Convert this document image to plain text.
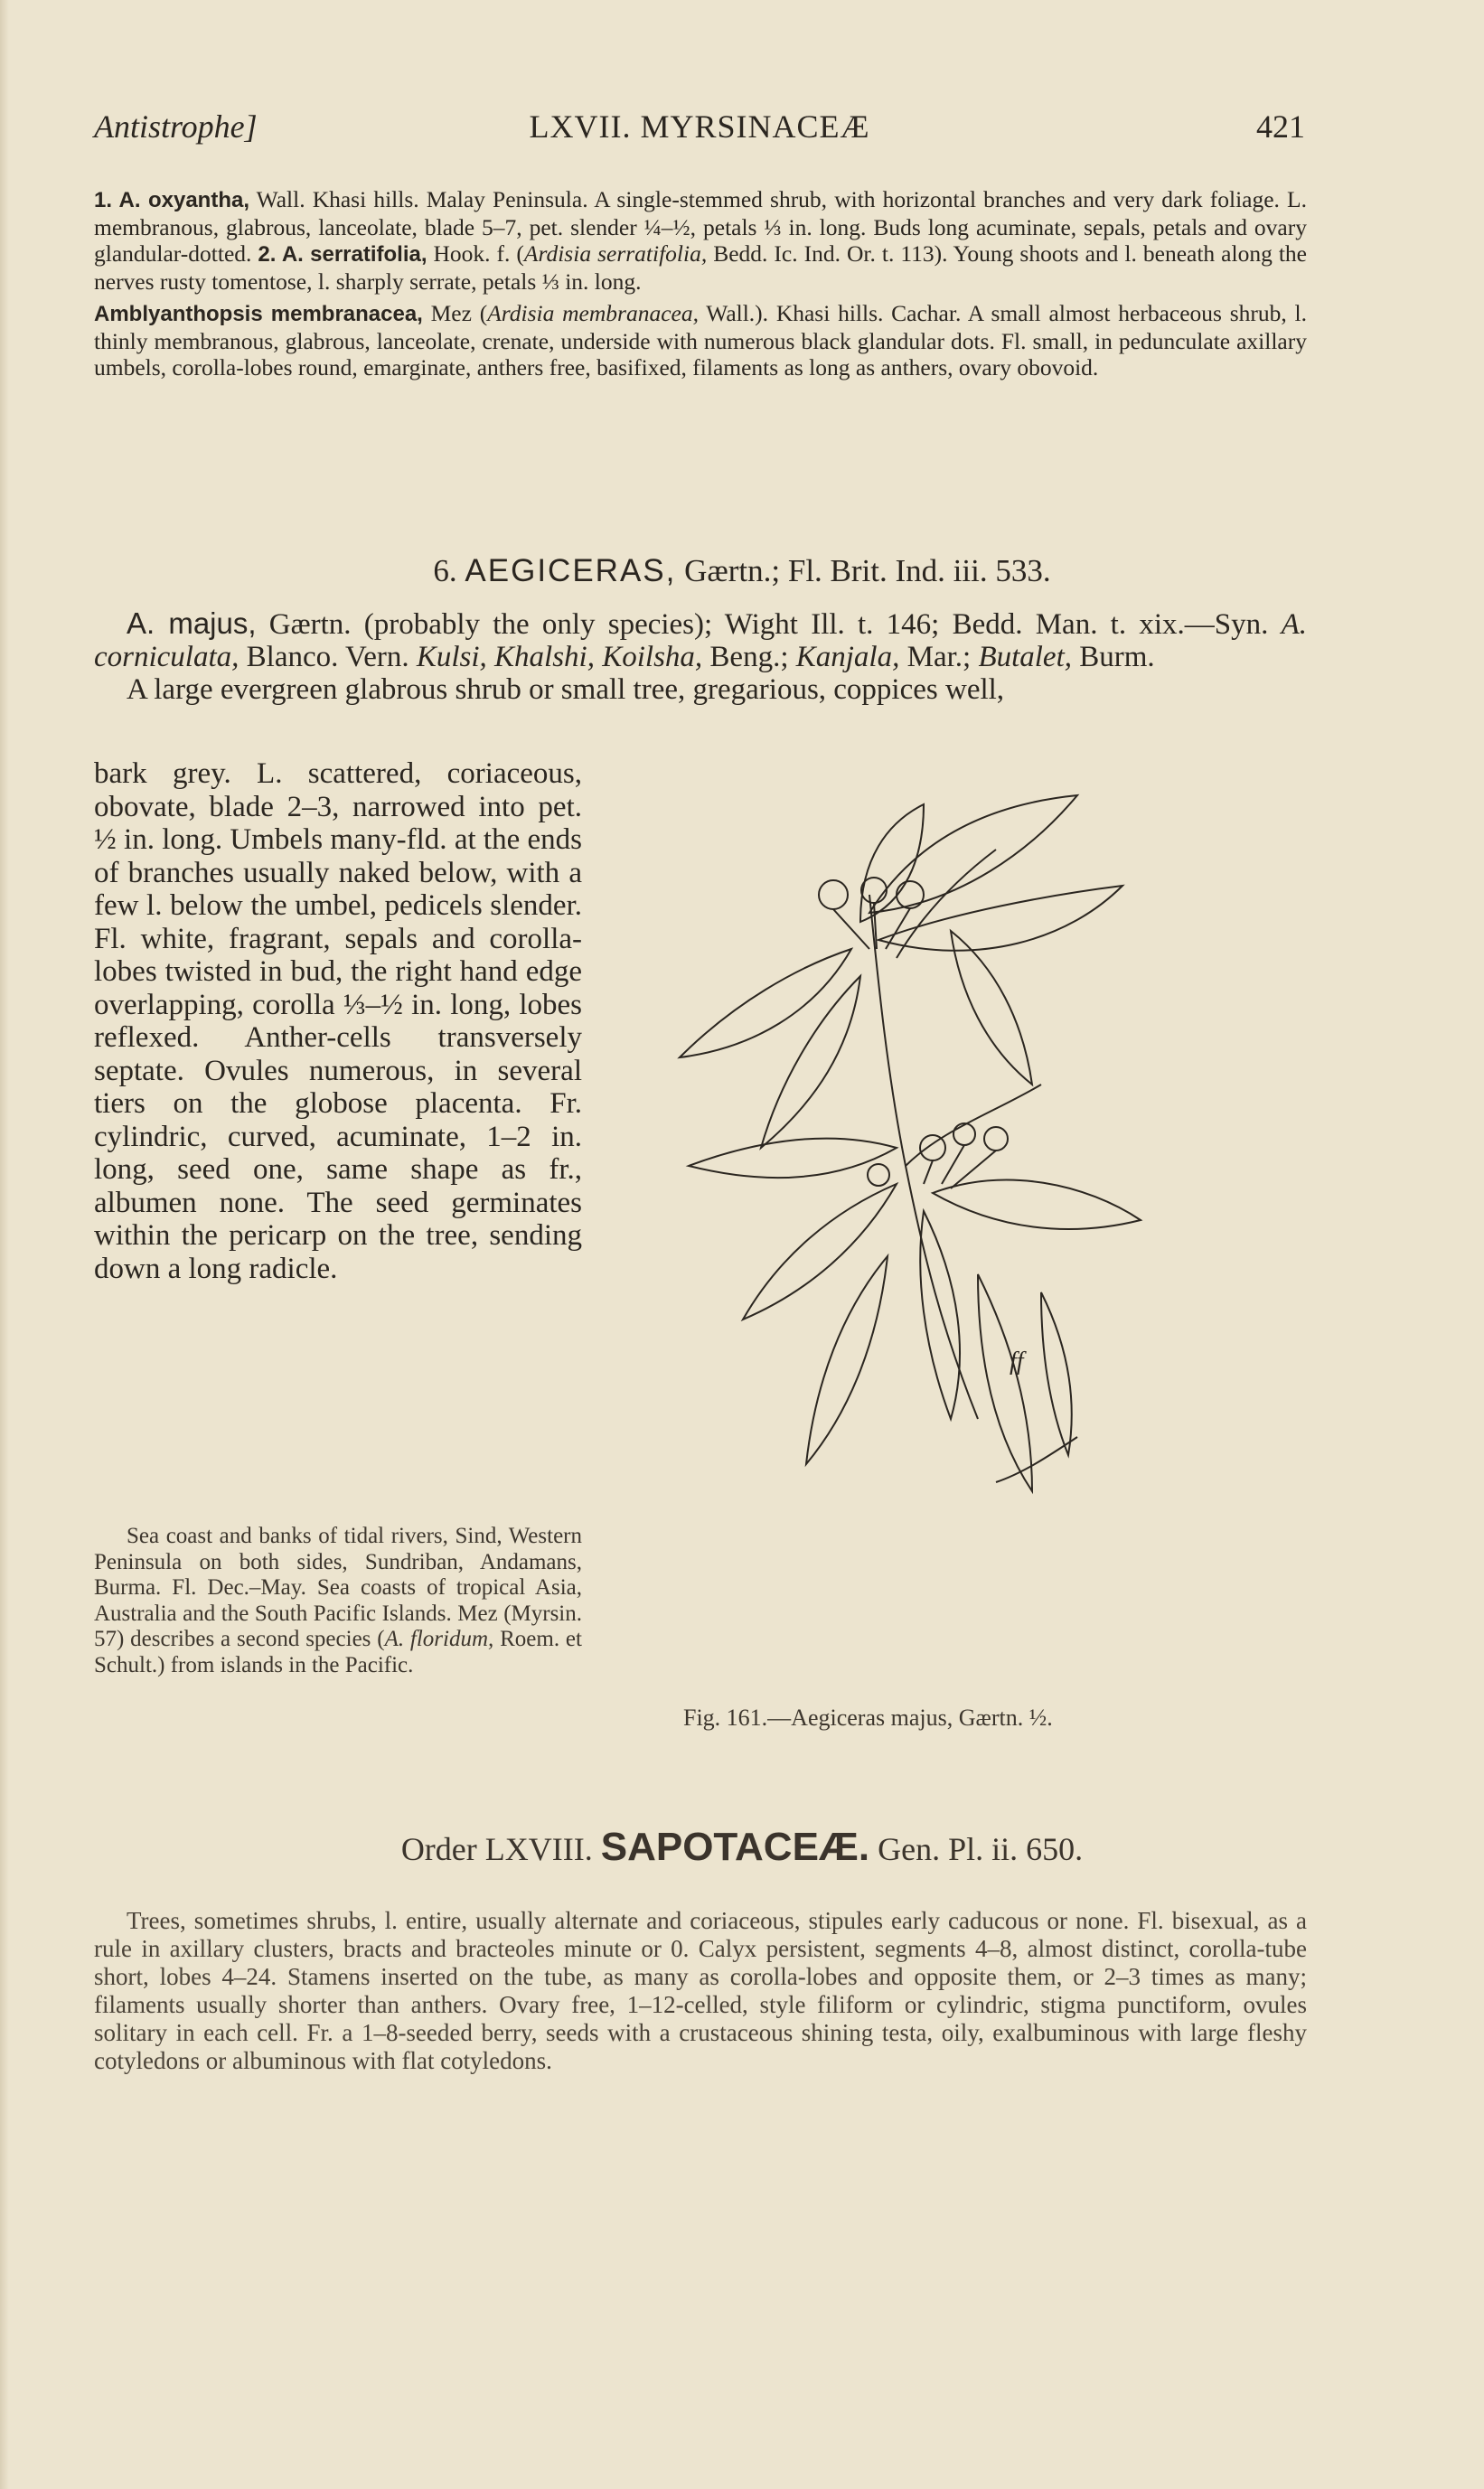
Antistrophe]	LXVII. MYRSINACEÆ	421

1. A. oxyantha, Wall. Khasi hills. Malay Peninsula. A single-stemmed shrub, with horizontal branches and very dark foliage. L. membranous, glabrous, lanceolate, blade 5–7, pet. slender ¼–½, petals ⅓ in. long. Buds long acuminate, sepals, petals and ovary glandular-dotted. 2. A. serratifolia, Hook. f. (Ardisia serratifolia, Bedd. Ic. Ind. Or. t. 113). Young shoots and l. beneath along the nerves rusty tomentose, l. sharply serrate, petals ⅓ in. long.

Amblyanthopsis membranacea, Mez (Ardisia membranacea, Wall.). Khasi hills. Cachar. A small almost herbaceous shrub, l. thinly membranous, glabrous, lanceolate, crenate, underside with numerous black glandular dots. Fl. small, in pedunculate axillary umbels, corolla-lobes round, emarginate, anthers free, basifixed, filaments as long as anthers, ovary obovoid.

6. AEGICERAS, Gærtn.; Fl. Brit. Ind. iii. 533.

A. majus, Gærtn. (probably the only species); Wight Ill. t. 146; Bedd. Man. t. xix.—Syn. A. corniculata, Blanco. Vern. Kulsi, Khalshi, Koilsha, Beng.; Kanjala, Mar.; Butalet, Burm.

A large evergreen glabrous shrub or small tree, gregarious, coppices well,

bark grey. L. scattered, coriaceous, obovate, blade 2–3, narrowed into pet. ½ in. long. Umbels many-fld. at the ends of branches usually naked below, with a few l. below the umbel, pedicels slender. Fl. white, fragrant, sepals and corolla-lobes twisted in bud, the right hand edge overlapping, corolla ⅓–½ in. long, lobes reflexed. Anther-cells transversely septate. Ovules numerous, in several tiers on the globose placenta. Fr. cylindric, curved, acuminate, 1–2 in. long, seed one, same shape as fr., albumen none. The seed germinates within the pericarp on the tree, sending down a long radicle.

Sea coast and banks of tidal rivers, Sind, Western Peninsula on both sides, Sundriban, Andamans, Burma. Fl. Dec.–May. Sea coasts of tropical Asia, Australia and the South Pacific Islands. Mez (Myrsin. 57) describes a second species (A. floridum, Roem. et Schult.) from islands in the Pacific.

ff
Fig. 161.—Aegiceras majus, Gærtn. ½.
Order LXVIII. SAPOTACEÆ. Gen. Pl. ii. 650.

Trees, sometimes shrubs, l. entire, usually alternate and coriaceous, stipules early caducous or none. Fl. bisexual, as a rule in axillary clusters, bracts and bracteoles minute or 0. Calyx persistent, segments 4–8, almost distinct, corolla-tube short, lobes 4–24. Stamens inserted on the tube, as many as corolla-lobes and opposite them, or 2–3 times as many; filaments usually shorter than anthers. Ovary free, 1–12-celled, style filiform or cylindric, stigma punctiform, ovules solitary in each cell. Fr. a 1–8-seeded berry, seeds with a crustaceous shining testa, oily, exalbuminous with large fleshy cotyledons or albuminous with flat cotyledons.
